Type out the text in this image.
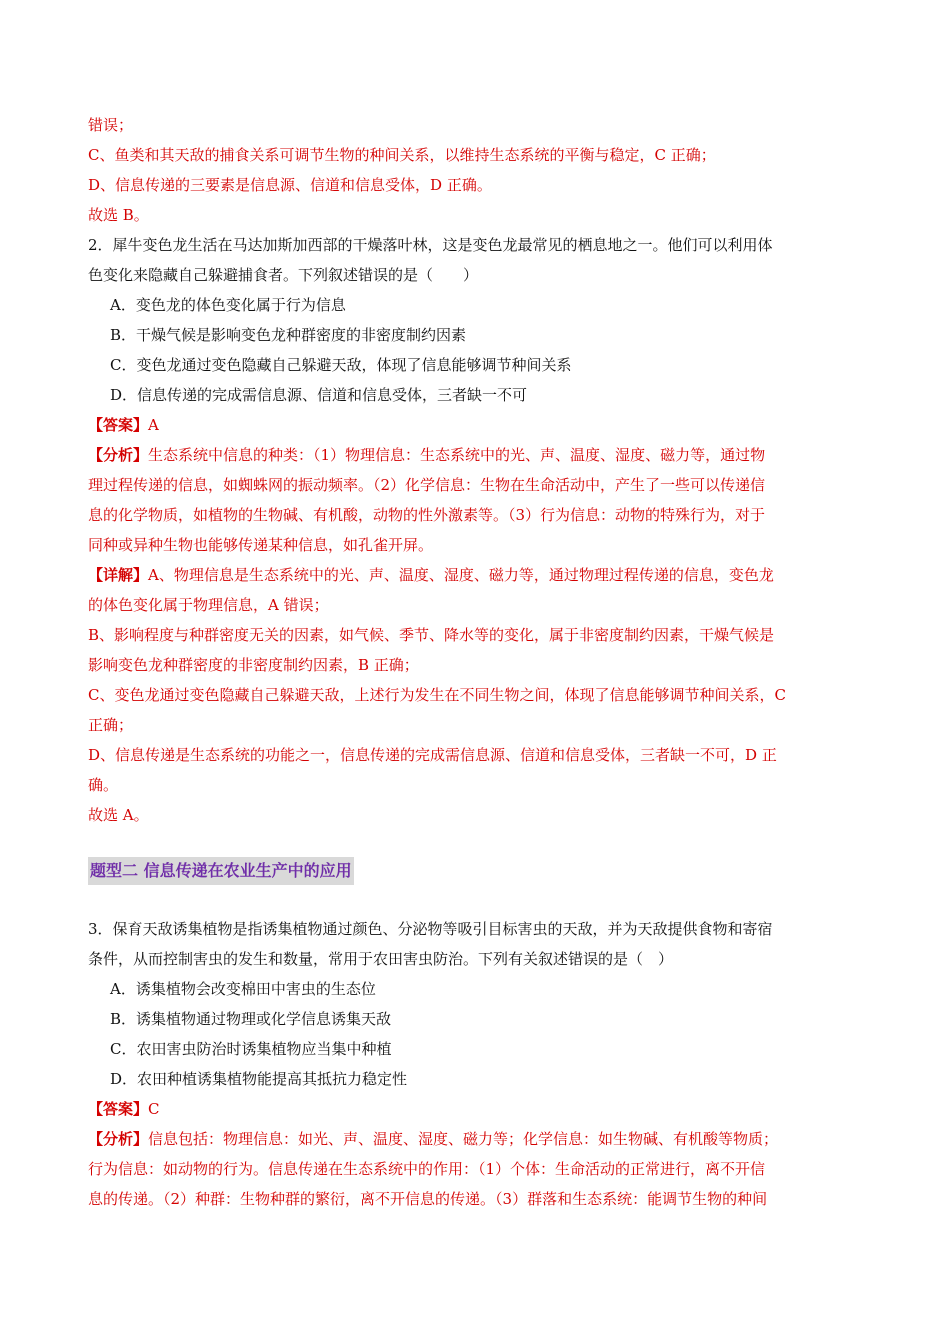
错误；
C、鱼类和其天敌的捕食关系可调节生物的种间关系，以维持生态系统的平衡与稳定，C 正确；
D、信息传递的三要素是信息源、信道和信息受体，D 正确。
故选 B。
2．犀牛变色龙生活在马达加斯加西部的干燥落叶林，这是变色龙最常见的栖息地之一。他们可以利用体
色变化来隐藏自己躲避捕食者。下列叙述错误的是（　　）
A．变色龙的体色变化属于行为信息
B．干燥气候是影响变色龙种群密度的非密度制约因素
C．变色龙通过变色隐藏自己躲避天敌，体现了信息能够调节种间关系
D．信息传递的完成需信息源、信道和信息受体，三者缺一不可
【答案】A
【分析】生态系统中信息的种类：（1）物理信息：生态系统中的光、声、温度、湿度、磁力等，通过物
理过程传递的信息，如蜘蛛网的振动频率。（2）化学信息：生物在生命活动中，产生了一些可以传递信
息的化学物质，如植物的生物碱、有机酸，动物的性外激素等。（3）行为信息：动物的特殊行为，对于
同种或异种生物也能够传递某种信息，如孔雀开屏。
【详解】A、物理信息是生态系统中的光、声、温度、湿度、磁力等，通过物理过程传递的信息，变色龙
的体色变化属于物理信息，A 错误；
B、影响程度与种群密度无关的因素，如气候、季节、降水等的变化，属于非密度制约因素，干燥气候是
影响变色龙种群密度的非密度制约因素，B 正确；
C、变色龙通过变色隐藏自己躲避天敌，上述行为发生在不同生物之间，体现了信息能够调节种间关系，C
正确；
D、信息传递是生态系统的功能之一，信息传递的完成需信息源、信道和信息受体，三者缺一不可，D 正
确。
故选 A。
题型二 信息传递在农业生产中的应用
3．保育天敌诱集植物是指诱集植物通过颜色、分泌物等吸引目标害虫的天敌，并为天敌提供食物和寄宿
条件，从而控制害虫的发生和数量，常用于农田害虫防治。下列有关叙述错误的是（　）
A．诱集植物会改变棉田中害虫的生态位
B．诱集植物通过物理或化学信息诱集天敌
C．农田害虫防治时诱集植物应当集中种植
D．农田种植诱集植物能提高其抵抗力稳定性
【答案】C
【分析】信息包括：物理信息：如光、声、温度、湿度、磁力等；化学信息：如生物碱、有机酸等物质；
行为信息：如动物的行为。信息传递在生态系统中的作用：（1）个体：生命活动的正常进行，离不开信
息的传递。（2）种群：生物种群的繁衍，离不开信息的传递。（3）群落和生态系统：能调节生物的种间
